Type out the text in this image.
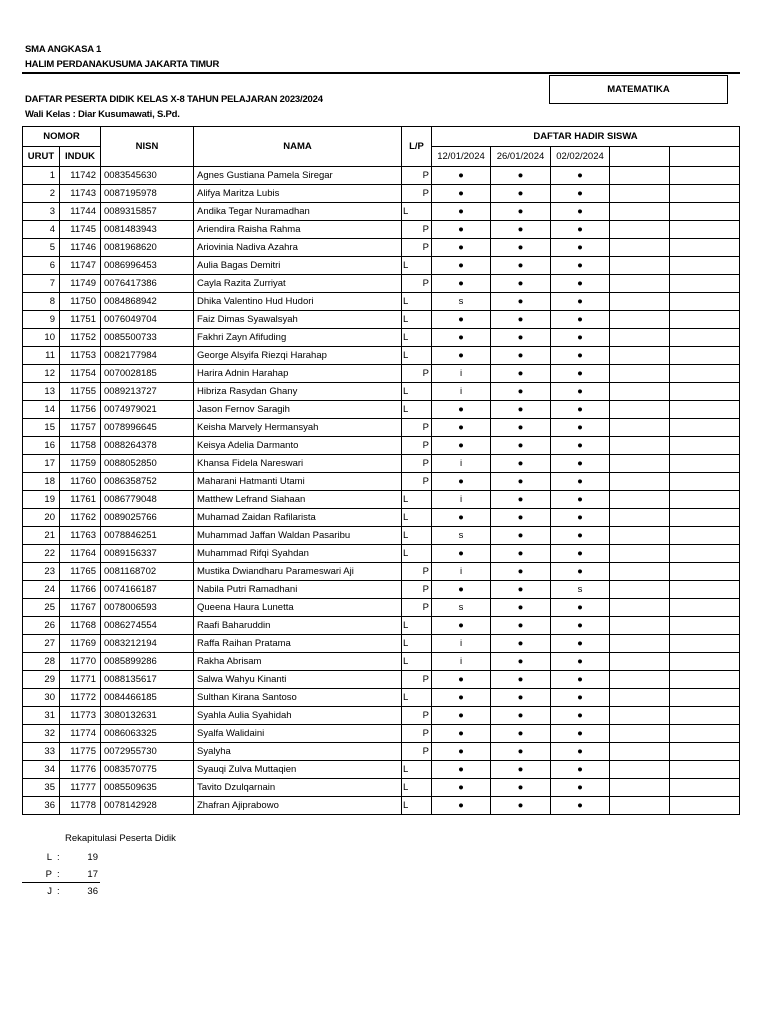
SMA ANGKASA 1
HALIM PERDANAKUSUMA JAKARTA TIMUR
MATEMATIKA
DAFTAR PESERTA DIDIK KELAS X-8 TAHUN PELAJARAN 2023/2024
Wali Kelas : Diar Kusumawati, S.Pd.
NOMOR		NISN	NAMA	L/P	DAFTAR HADIR SISWA				
URUT	INDUK				12/01/2024	26/01/2024	02/02/2024		
1	11742	0083545630	Agnes Gustiana Pamela Siregar	P	●	●	●		
2	11743	0087195978	Alifya Maritza Lubis	P	●	●	●		
3	11744	0089315857	Andika Tegar Nuramadhan	L	●	●	●		
4	11745	0081483943	Ariendira Raisha Rahma	P	●	●	●		
5	11746	0081968620	Ariovinia Nadiva Azahra	P	●	●	●		
6	11747	0086996453	Aulia Bagas Demitri	L	●	●	●		
7	11749	0076417386	Cayla Razita Zurriyat	P	●	●	●		
8	11750	0084868942	Dhika Valentino Hud Hudori	L	s	●	●		
9	11751	0076049704	Faiz Dimas Syawalsyah	L	●	●	●		
10	11752	0085500733	Fakhri Zayn Afifuding	L	●	●	●		
11	11753	0082177984	George Alsyifa Riezqi Harahap	L	●	●	●		
12	11754	0070028185	Harira Adnin Harahap	P	i	●	●		
13	11755	0089213727	Hibriza Rasydan Ghany	L	i	●	●		
14	11756	0074979021	Jason Fernov Saragih	L	●	●	●		
15	11757	0078996645	Keisha Marvely Hermansyah	P	●	●	●		
16	11758	0088264378	Keisya Adelia Darmanto	P	●	●	●		
17	11759	0088052850	Khansa Fidela Nareswari	P	i	●	●		
18	11760	0086358752	Maharani Hatmanti Utami	P	●	●	●		
19	11761	0086779048	Matthew Lefrand Siahaan	L	i	●	●		
20	11762	0089025766	Muhamad Zaidan Rafilarista	L	●	●	●		
21	11763	0078846251	Muhammad Jaffan Waldan Pasaribu	L	s	●	●		
22	11764	0089156337	Muhammad Rifqi Syahdan	L	●	●	●		
23	11765	0081168702	Mustika Dwiandharu Parameswari Aji	P	i	●	●		
24	11766	0074166187	Nabila Putri Ramadhani	P	●	●	s		
25	11767	0078006593	Queena Haura Lunetta	P	s	●	●		
26	11768	0086274554	Raafi Baharuddin	L	●	●	●		
27	11769	0083212194	Raffa Raihan Pratama	L	i	●	●		
28	11770	0085899286	Rakha Abrisam	L	i	●	●		
29	11771	0088135617	Salwa Wahyu Kinanti	P	●	●	●		
30	11772	0084466185	Sulthan Kirana Santoso	L	●	●	●		
31	11773	3080132631	Syahla Aulia Syahidah	P	●	●	●		
32	11774	0086063325	Syalfa Walidaini	P	●	●	●		
33	11775	0072955730	Syalyha	P	●	●	●		
34	11776	0083570775	Syauqi Zulva Muttaqien	L	●	●	●		
35	11777	0085509635	Tavito Dzulqarnain	L	●	●	●		
36	11778	0078142928	Zhafran Ajiprabowo	L	●	●	●		
Rekapitulasi Peserta Didik
L :	19
P :	17
J :	36
